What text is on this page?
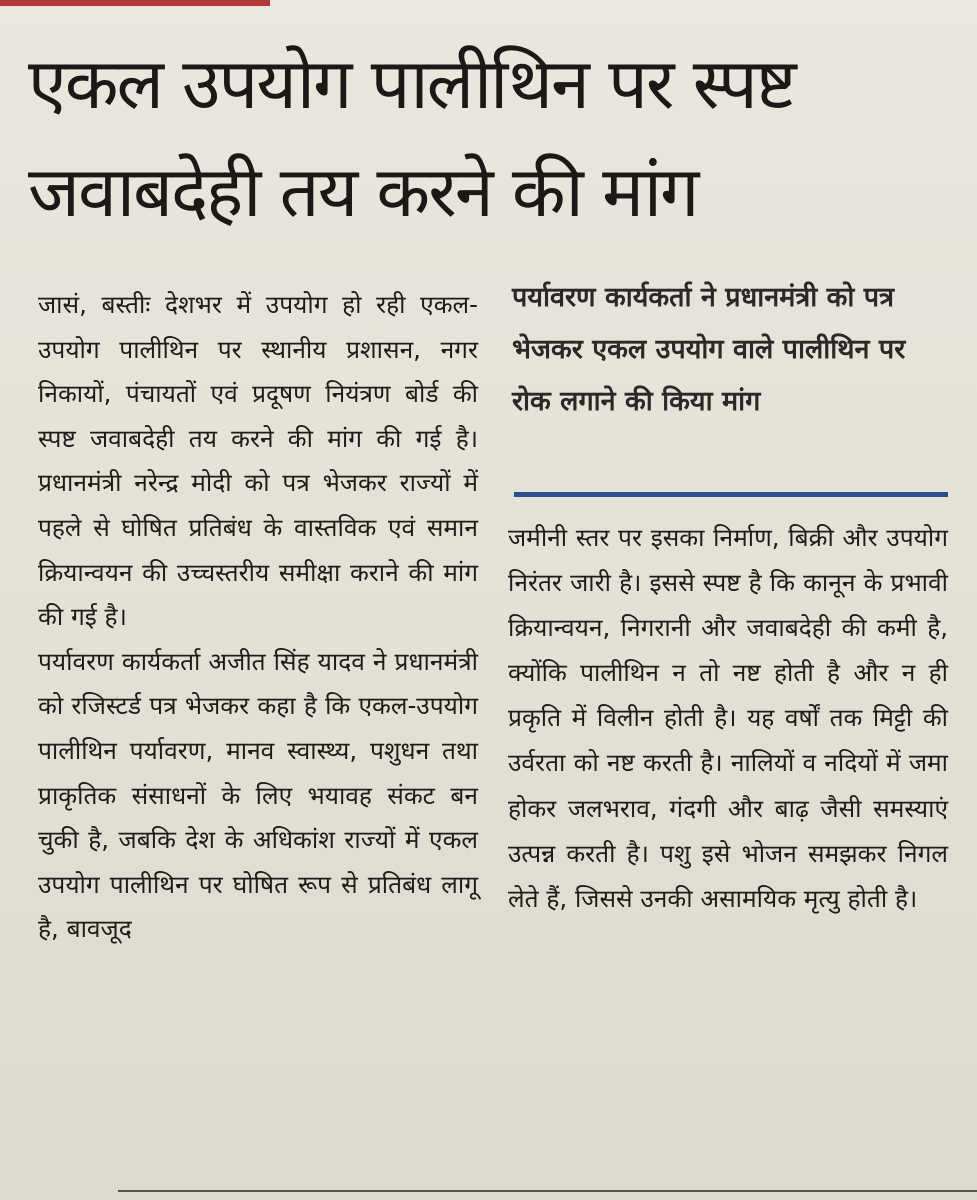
एकल उपयोग पालीथिन पर स्पष्ट जवाबदेही तय करने की मांग

जासं, बस्तीः देशभर में उपयोग हो रही एकल-उपयोग पालीथिन पर स्थानीय प्रशासन, नगर निकायों, पंचायतों एवं प्रदूषण नियंत्रण बोर्ड की स्पष्ट जवाबदेही तय करने की मांग की गई है। प्रधानमंत्री नरेन्द्र मोदी को पत्र भेजकर राज्यों में पहले से घोषित प्रतिबंध के वास्तविक एवं समान क्रियान्वयन की उच्चस्तरीय समीक्षा कराने की मांग की गई है।

पर्यावरण कार्यकर्ता अजीत सिंह यादव ने प्रधानमंत्री को रजिस्टर्ड पत्र भेजकर कहा है कि एकल-उपयोग पालीथिन पर्यावरण, मानव स्वास्थ्य, पशुधन तथा प्राकृतिक संसाधनों के लिए भयावह संकट बन चुकी है, जबकि देश के अधिकांश राज्यों में एकल उपयोग पालीथिन पर घोषित रूप से प्रतिबंध लागू है, बावजूद

पर्यावरण कार्यकर्ता ने प्रधानमंत्री को पत्र भेजकर एकल उपयोग वाले पालीथिन पर रोक लगाने की किया मांग

जमीनी स्तर पर इसका निर्माण, बिक्री और उपयोग निरंतर जारी है। इससे स्पष्ट है कि कानून के प्रभावी क्रियान्वयन, निगरानी और जवाबदेही की कमी है, क्योंकि पालीथिन न तो नष्ट होती है और न ही प्रकृति में विलीन होती है। यह वर्षों तक मिट्टी की उर्वरता को नष्ट करती है। नालियों व नदियों में जमा होकर जलभराव, गंदगी और बाढ़ जैसी समस्याएं उत्पन्न करती है। पशु इसे भोजन समझकर निगल लेते हैं, जिससे उनकी असामयिक मृत्यु होती है।
